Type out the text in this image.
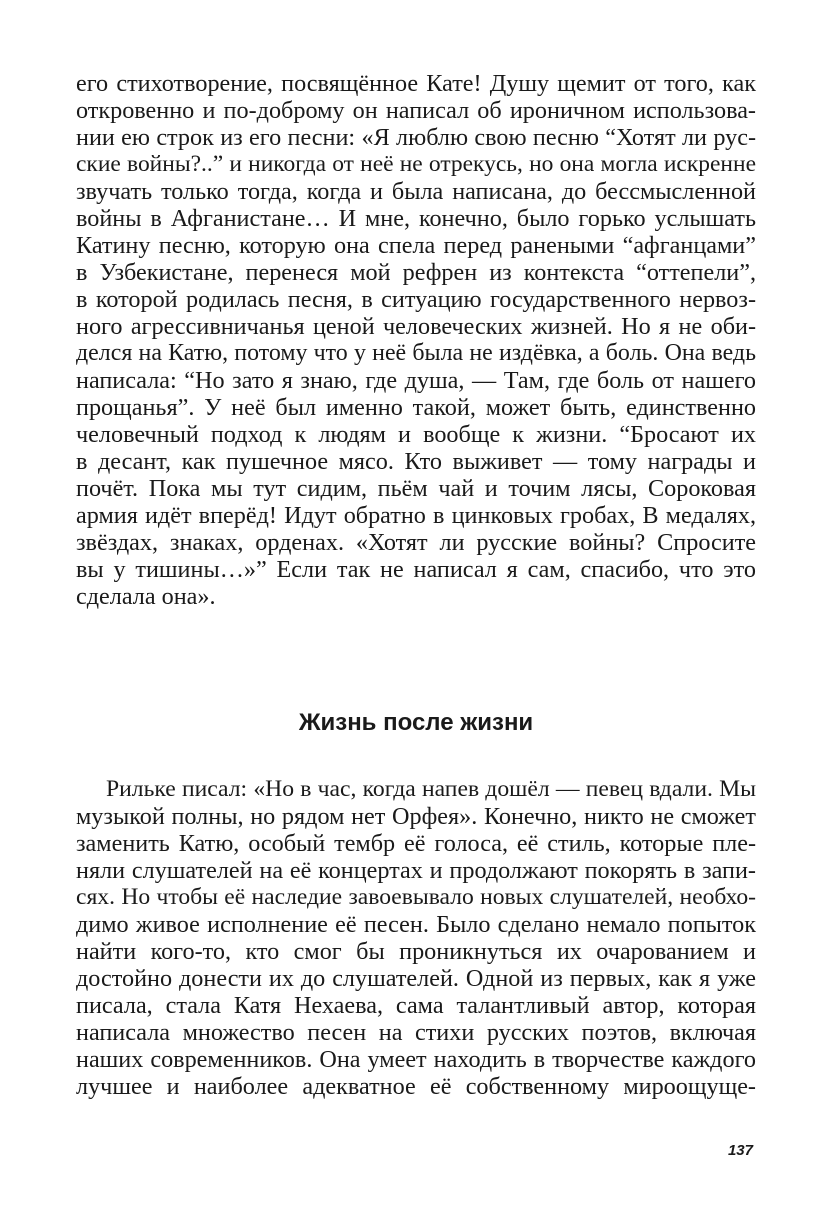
его стихотворение, посвящённое Кате! Душу щемит от того, как
откровенно и по-доброму он написал об ироничном использова-
нии ею строк из его песни: «Я люблю свою песню “Хотят ли рус-
ские войны?..” и никогда от неё не отрекусь, но она могла искренне
звучать только тогда, когда и была написана, до бессмысленной
войны в Афганистане… И мне, конечно, было горько услышать
Катину песню, которую она спела перед ранеными “афганцами”
в Узбекистане, перенеся мой рефрен из контекста “оттепели”,
в которой родилась песня, в ситуацию государственного нервоз-
ного агрессивничанья ценой человеческих жизней. Но я не оби-
делся на Катю, потому что у неё была не издёвка, а боль. Она ведь
написала: “Но зато я знаю, где душа, — Там, где боль от нашего
прощанья”. У неё был именно такой, может быть, единственно
человечный подход к людям и вообще к жизни. “Бросают их
в десант, как пушечное мясо. Кто выживет — тому награды и
почёт. Пока мы тут сидим, пьём чай и точим лясы, Сороковая
армия идёт вперёд! Идут обратно в цинковых гробах, В медалях,
звёздах, знаках, орденах. «Хотят ли русские войны? Спросите
вы у тишины…»” Если так не написал я сам, спасибо, что это
сделала она».
Жизнь после жизни
Рильке писал: «Но в час, когда напев дошёл — певец вдали. Мы
музыкой полны, но рядом нет Орфея». Конечно, никто не сможет
заменить Катю, особый тембр её голоса, её стиль, которые пле-
няли слушателей на её концертах и продолжают покорять в запи-
сях. Но чтобы её наследие завоевывало новых слушателей, необхо-
димо живое исполнение её песен. Было сделано немало попыток
найти кого-то, кто смог бы проникнуться их очарованием и
достойно донести их до слушателей. Одной из первых, как я уже
писала, стала Катя Нехаева, сама талантливый автор, которая
написала множество песен на стихи русских поэтов, включая
наших современников. Она умеет находить в творчестве каждого
лучшее и наиболее адекватное её собственному мироощуще-
137
